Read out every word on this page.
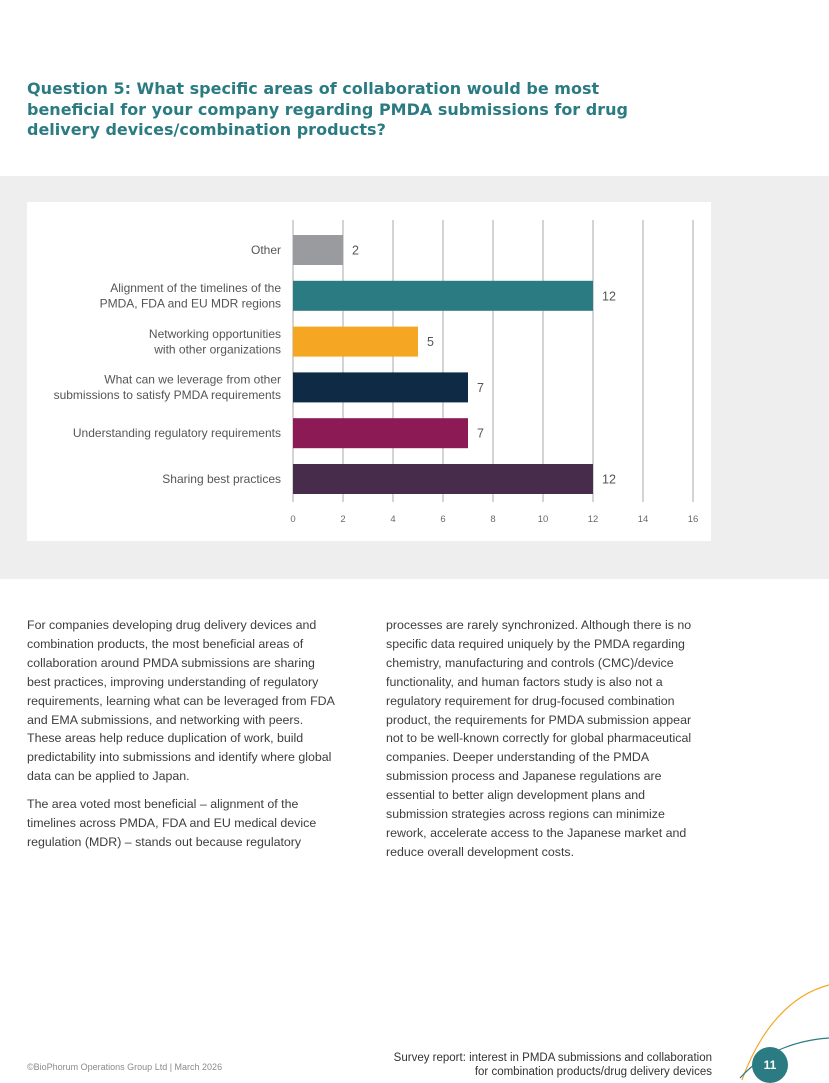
Question 5: What specific areas of collaboration would be most beneficial for your company regarding PMDA submissions for drug delivery devices/combination products?
0	2	4	6	8	10	12	14	16
2
Other
12
Alignment of the timelines of the PMDA, FDA and EU MDR regions
5
Networking opportunities with other organizations
7
What can we leverage from other submissions to satisfy PMDA requirements
7
Understanding regulatory requirements
12
Sharing best practices

For companies developing drug delivery devices and combination products, the most beneficial areas of collaboration around PMDA submissions are sharing best practices, improving understanding of regulatory requirements, learning what can be leveraged from FDA and EMA submissions, and networking with peers. These areas help reduce duplication of work, build predictability into submissions and identify where global data can be applied to Japan.

The area voted most beneficial – alignment of the timelines across PMDA, FDA and EU medical device regulation (MDR) – stands out because regulatory

processes are rarely synchronized. Although there is no specific data required uniquely by the PMDA regarding chemistry, manufacturing and controls (CMC)/device functionality, and human factors study is also not a regulatory requirement for drug-focused combination product, the requirements for PMDA submission appear not to be well-known correctly for global pharmaceutical companies. Deeper understanding of the PMDA submission process and Japanese regulations are essential to better align development plans and submission strategies across regions can minimize rework, accelerate access to the Japanese market and reduce overall development costs.

©BioPhorum Operations Group Ltd | March 2026
Survey report: interest in PMDA submissions and collaboration
for combination products/drug delivery devices	11
